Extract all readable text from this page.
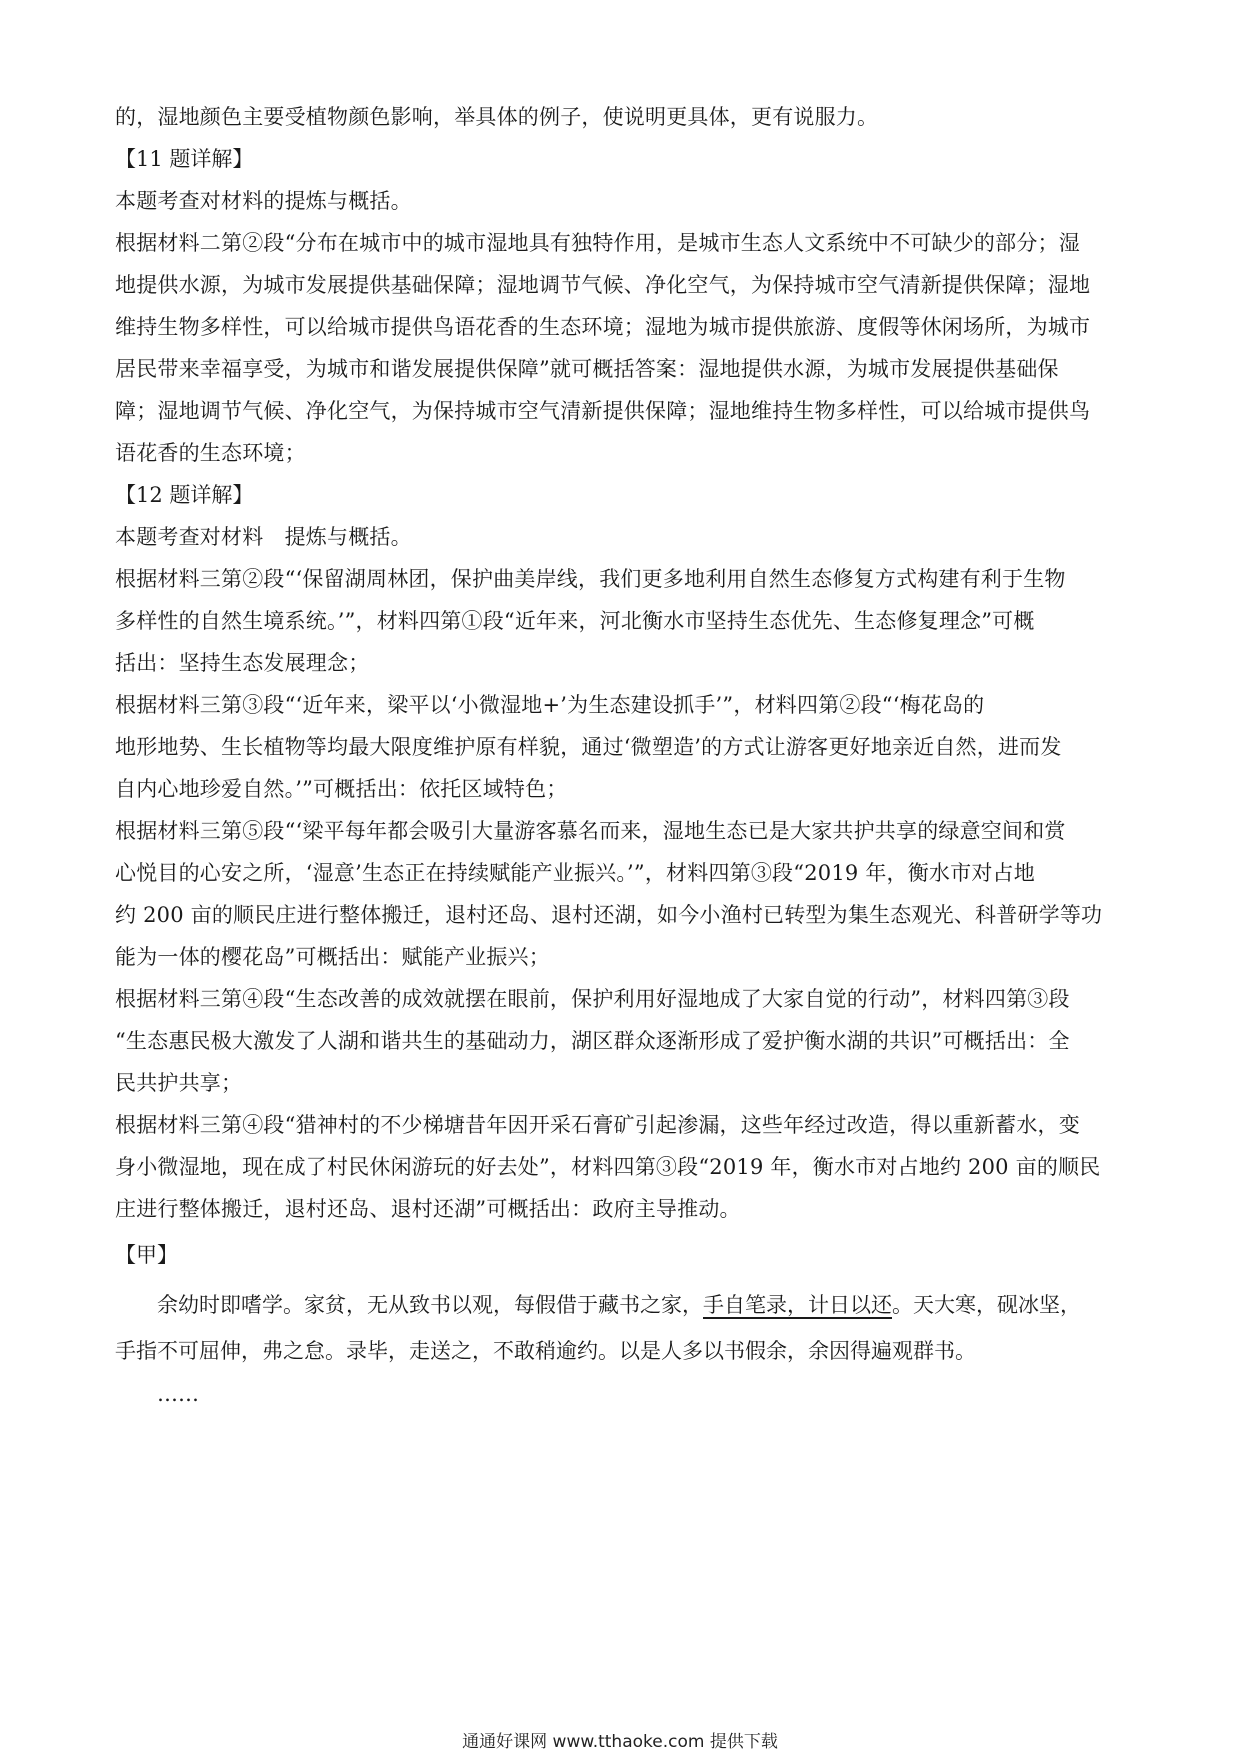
的，湿地颜色主要受植物颜色影响，举具体的例子，使说明更具体，更有说服力。
【11 题详解】
本题考查对材料的提炼与概括。
根据材料二第②段“分布在城市中的城市湿地具有独特作用，是城市生态人文系统中不可缺少的部分；湿
地提供水源，为城市发展提供基础保障；湿地调节气候、净化空气，为保持城市空气清新提供保障；湿地
维持生物多样性，可以给城市提供鸟语花香的生态环境；湿地为城市提供旅游、度假等休闲场所，为城市
居民带来幸福享受，为城市和谐发展提供保障”就可概括答案：湿地提供水源，为城市发展提供基础保
障；湿地调节气候、净化空气，为保持城市空气清新提供保障；湿地维持生物多样性，可以给城市提供鸟
语花香的生态环境；
【12 题详解】
本题考查对材料　提炼与概括。
根据材料三第②段“‘保留湖周林团，保护曲美岸线，我们更多地利用自然生态修复方式构建有利于生物
多样性的自然生境系统。’”，材料四第①段“近年来，河北衡水市坚持生态优先、生态修复理念”可概
括出：坚持生态发展理念；
根据材料三第③段“‘近年来，梁平以‘小微湿地+’为生态建设抓手’”，材料四第②段“‘梅花岛的
地形地势、生长植物等均最大限度维护原有样貌，通过‘微塑造’的方式让游客更好地亲近自然，进而发
自内心地珍爱自然。’”可概括出：依托区域特色；
根据材料三第⑤段“‘梁平每年都会吸引大量游客慕名而来，湿地生态已是大家共护共享的绿意空间和赏
心悦目的心安之所，‘湿意’生态正在持续赋能产业振兴。’”，材料四第③段“2019 年，衡水市对占地
约 200 亩的顺民庄进行整体搬迁，退村还岛、退村还湖，如今小渔村已转型为集生态观光、科普研学等功
能为一体的樱花岛”可概括出：赋能产业振兴；
根据材料三第④段“生态改善的成效就摆在眼前，保护利用好湿地成了大家自觉的行动”，材料四第③段
“生态惠民极大激发了人湖和谐共生的基础动力，湖区群众逐渐形成了爱护衡水湖的共识”可概括出：全
民共护共享；
根据材料三第④段“猎神村的不少梯塘昔年因开采石膏矿引起渗漏，这些年经过改造，得以重新蓄水，变
身小微湿地，现在成了村民休闲游玩的好去处”，材料四第③段“2019 年，衡水市对占地约 200 亩的顺民
庄进行整体搬迁，退村还岛、退村还湖”可概括出：政府主导推动。
【甲】
余幼时即嗜学。家贫，无从致书以观，每假借于藏书之家，手自笔录，计日以还。天大寒，砚冰坚，
手指不可屈伸，弗之怠。录毕，走送之，不敢稍逾约。以是人多以书假余，余因得遍观群书。
……
通通好课网 www.tthaoke.com 提供下载
